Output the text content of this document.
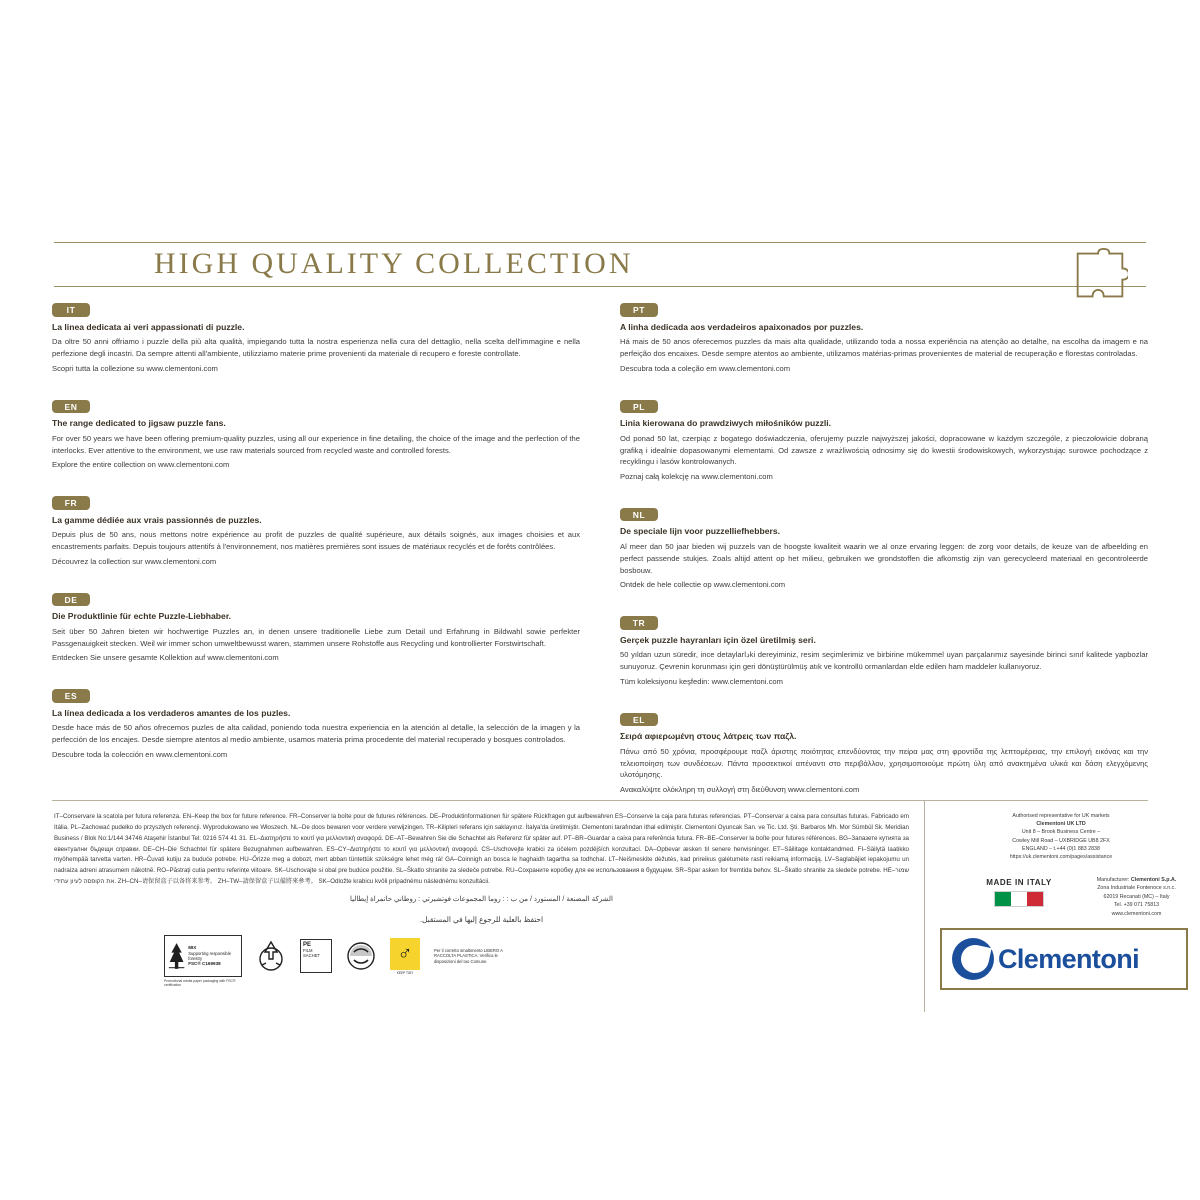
HIGH QUALITY COLLECTION
IT

La linea dedicata ai veri appassionati di puzzle.

Da oltre 50 anni offriamo i puzzle della più alta qualità, impiegando tutta la nostra esperienza nella cura del dettaglio, nella scelta dell'immagine e nella perfezione degli incastri. Da sempre attenti all'ambiente, utilizziamo materie prime provenienti da materiale di recupero e foreste controllate.

Scopri tutta la collezione su www.clementoni.com

EN

The range dedicated to jigsaw puzzle fans.

For over 50 years we have been offering premium-quality puzzles, using all our experience in fine detailing, the choice of the image and the perfection of the interlocks. Ever attentive to the environment, we use raw materials sourced from recycled waste and controlled forests.

Explore the entire collection on www.clementoni.com

FR

La gamme dédiée aux vrais passionnés de puzzles.

Depuis plus de 50 ans, nous mettons notre expérience au profit de puzzles de qualité supérieure, aux détails soignés, aux images choisies et aux encastrements parfaits. Depuis toujours attentifs à l'environnement, nos matières premières sont issues de matériaux recyclés et de forêts contrôlées.

Découvrez la collection sur www.clementoni.com

DE

Die Produktlinie für echte Puzzle-Liebhaber.

Seit über 50 Jahren bieten wir hochwertige Puzzles an, in denen unsere traditionelle Liebe zum Detail und Erfahrung in Bildwahl sowie perfekter Passgenauigkeit stecken. Weil wir immer schon umweltbewusst waren, stammen unsere Rohstoffe aus Recycling und kontrollierter Forstwirtschaft.

Entdecken Sie unsere gesamte Kollektion auf www.clementoni.com

ES

La línea dedicada a los verdaderos amantes de los puzles.

Desde hace más de 50 años ofrecemos puzles de alta calidad, poniendo toda nuestra experiencia en la atención al detalle, la selección de la imagen y la perfección de los encajes. Desde siempre atentos al medio ambiente, usamos materia prima procedente del material recuperado y bosques controlados.

Descubre toda la colección en www.clementoni.com

PT

A linha dedicada aos verdadeiros apaixonados por puzzles.

Há mais de 50 anos oferecemos puzzles da mais alta qualidade, utilizando toda a nossa experiência na atenção ao detalhe, na escolha da imagem e na perfeição dos encaixes. Desde sempre atentos ao ambiente, utilizamos matérias-primas provenientes de material de recuperação e florestas controladas.

Descubra toda a coleção em www.clementoni.com

PL

Linia kierowana do prawdziwych miłośników puzzli.

Od ponad 50 lat, czerpiąc z bogatego doświadczenia, oferujemy puzzle najwyższej jakości, dopracowane w każdym szczególe, z pieczołowicie dobraną grafiką i idealnie dopasowanymi elementami. Od zawsze z wrażliwością odnosimy się do kwestii środowiskowych, wykorzystując surowce pochodzące z recyklingu i lasów kontrolowanych.

Poznaj całą kolekcję na www.clementoni.com

NL

De speciale lijn voor puzzelliefhebbers.

Al meer dan 50 jaar bieden wij puzzels van de hoogste kwaliteit waarin we al onze ervaring leggen: de zorg voor details, de keuze van de afbeelding en perfect passende stukjes. Zoals altijd attent op het milieu, gebruiken we grondstoffen die afkomstig zijn van gerecycleerd materiaal en gecontroleerde bosbouw.

Ontdek de hele collectie op www.clementoni.com

TR

Gerçek puzzle hayranları için özel üretilmiş seri.

50 yıldan uzun süredir, ince detaylarداki dereyiminiz, resim seçimlerimiz ve birbirine mükemmel uyan parçalarımız sayesinde birinci sınıf kalitede yapbozlar sunuyoruz. Çevrenin korunması için geri dönüştürülmüş atık ve kontrollü ormanlardan elde edilen ham maddeler kullanıyoruz.

Tüm koleksiyonu keşfedin: www.clementoni.com

EL

Σειρά αφιερωμένη στους λάτρεις των παζλ.

Πάνω από 50 χρόνια, προσφέρουμε παζλ άριστης ποιότητας επενδύοντας την πείρα μας στη φροντίδα της λεπτομέρειας, την επιλογή εικόνας και την τελειοποίηση των συνδέσεων. Πάντα προσεκτικοί απέναντι στο περιβάλλον, χρησιμοποιούμε πρώτη ύλη από ανακτημένα υλικά και δάση ελεγχόμενης υλοτόμησης.

Ανακαλύψτε ολόκληρη τη συλλογή στη διεύθυνση www.clementoni.com

IT–Conservare la scatola per futura referenza. EN–Keep the box for future reference. FR–Conserver la boîte pour de futures références. DE–Produktinformationen für spätere Rückfragen gut aufbewahren ES–Conserve la caja para futuras referencias. PT–Conservar a caixa para consultas futuras. Fabricado em Itália. PL–Zachować pudełko do przyszłych referencji. Wyprodukowano we Włoszech. NL–De doos bewaren voor verdere verwijzingen. TR–Kilipleri referans için saklayınız. İtalya'da üretilmiştir. Clementoni tarafından ithal edilmiştir. Clementoni Oyuncak San. ve Tic. Ltd. Şti. Barbaros Mh. Mor Sümbül Sk. Meridian Business / Blok No:1/144 34746 Ataşehir İstanbul Tel: 0216 574 41 31. EL–Διατηρήστε το κουτί για μελλοντική αναφορά. DE–AT–Bewahren Sie die Schachtel als Referenz für später auf. PT–BR–Guardar a caixa para referência futura. FR–BE–Conserver la boîte pour futures références. BG–Запазете кутията за евентуални бъдещи справки. DE–CH–Die Schachtel für spätere Bezugnahmen aufbewahren. ES–CY–Διατηρήστε το κουτί για μελλοντική αναφορά. CS–Uschovejte krabici za účelem pozdějších konzultací. DA–Opbevar æsken til senere henvisninger. ET–Säilitage kontaktandmed. FI–Säilytä laatikko myöhempää tarvetta varten. HR–Čuvati kutiju za buduće potrebe. HU–Őrizze meg a dobozt, mert abban tüntettük szükségre lehet még rá! GA–Coinnigh an bosca le haghaidh tagartha sa todhchaí. LT–Neišmeskite dėžutės, kad prireikus galėtumėte rasti reikiamą informaciją. LV–Saglabājiet iepakojumu un nadraiza adreni atrasumem nākotnē. RO–Păstrați cutia pentru referințe viitoare. SK–Uschovajte si obal pre budúce použitie. SL–Škatlo shranite za sledeče potrebe. RU–Сохраните коробку для ее использования в будущем. SR–Spar asken for fremtida behov. SL–Škatlo shranite za sledeče potrebe. HE–שמור את הקופסה לעיון עתידי. ZH–CN–请保留盒子以备将来参考。 ZH–TW–請保留盒子以備將來參考。 SK–Odložte krabicu kvôli prípadnému následnému konzultácii.
الشركة المصنعة / المستورد / من ب : : روما المجموعات فوتشيرتي : روطاني حاتمراة إيطاليا
احتفظ بالعلبة للرجوع إليها في المستقبل.
MIX
Supporting responsible forestry
FSC® C169938
Promotional media paper packaging with FSC® certification
PE
FILM SACHET	♂
KEEP TIDY
Per il corretto smaltimento LIBERO A RACCOLTA PLASTICA. Verifica le disposizioni del tuo Comune.
Authorised representative for UK markets
Clementoni UK LTD
Unit 8 – Brook Business Centre –
Cowley Mill Road – UXBRIDGE UB8 2FX
ENGLAND – t.+44 (0)1 883 2838
https://uk.clementoni.com/pages/assistance
MADE IN ITALY	Manufacturer: Clementoni S.p.A.
Zona Industriale Fontenoce s.n.c.
62019 Recanati (MC) – Italy
Tel. +39 071 75813
www.clementoni.com
Clementoni
